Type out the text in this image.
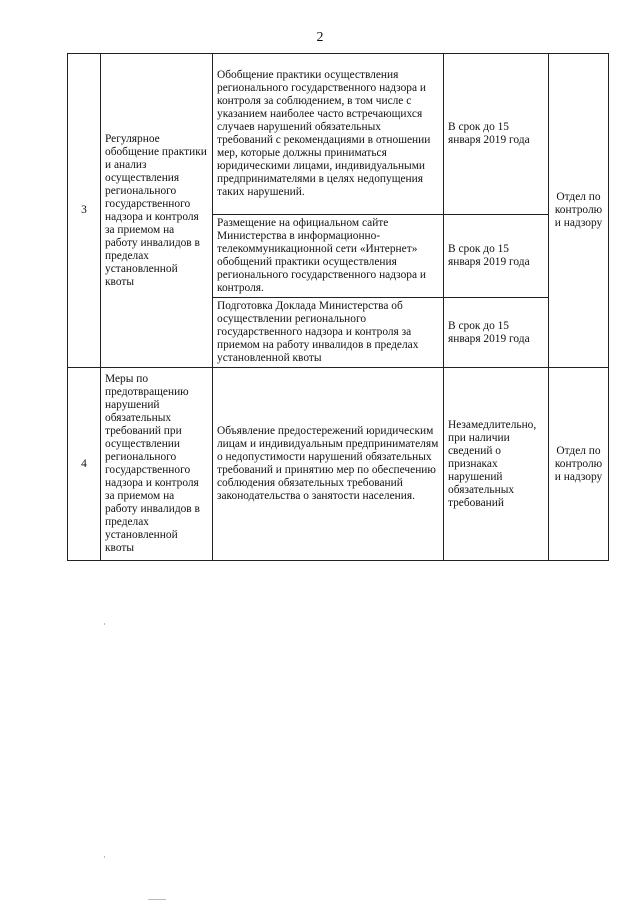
2
3	Регулярное обобщение практики и анализ осуществления регионального государственного надзора и контроля за приемом на работу инвалидов в пределах установленной квоты	Обобщение практики осуществления регионального государственного надзора и контроля за соблюдением, в том числе с указанием наиболее часто встречающихся случаев нарушений обязательных требований с рекомендациями в отношении мер, которые должны приниматься юридическими лицами, индивидуальными предпринимателями в целях недопущения таких нарушений.	В срок до 15 января 2019 года	Отдел по контролю и надзору
		Размещение на официальном сайте Министерства в информационно-телекоммуникационной сети «Интернет» обобщений практики осуществления регионального государственного надзора и контроля.	В срок до 15 января 2019 года	
		Подготовка Доклада Министерства об осуществлении регионального государственного надзора и контроля за приемом на работу инвалидов в пределах установленной квоты	В срок до 15 января 2019 года	
4	Меры по предотвращению нарушений обязательных требований при осуществлении регионального государственного надзора и контроля за приемом на работу инвалидов в пределах установленной квоты	Объявление предостережений юридическим лицам и индивидуальным предпринимателям о недопустимости нарушений обязательных требований и принятию мер по обеспечению соблюдения обязательных требований законодательства о занятости населения.	Незамедлительно, при наличии сведений о признаках нарушений обязательных требований	Отдел по контролю и надзору
